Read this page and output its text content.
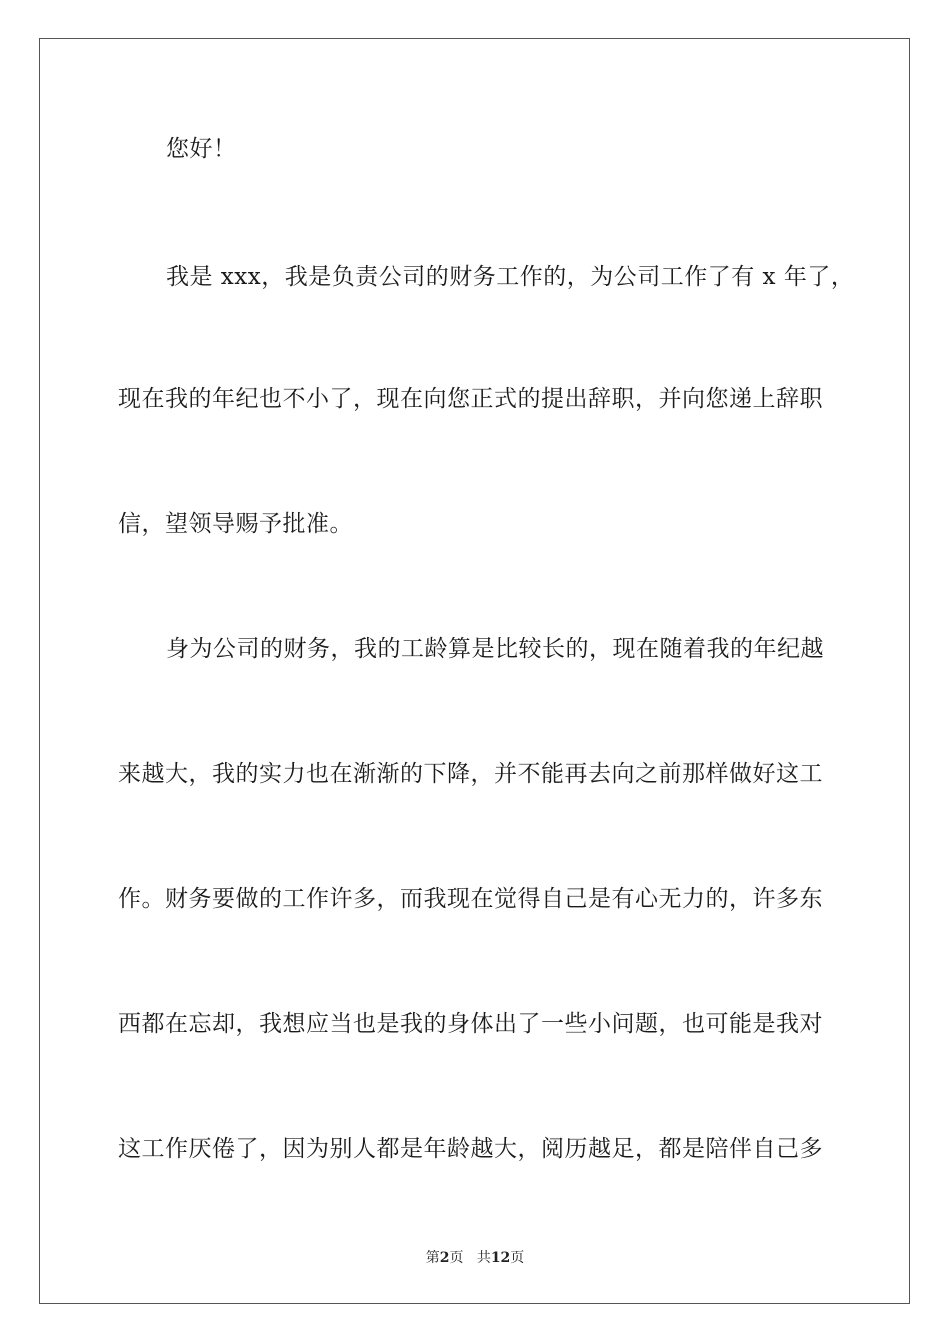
您好！
我是 xxx，我是负责公司的财务工作的，为公司工作了有 x 年了，
现在我的年纪也不小了，现在向您正式的提出辞职，并向您递上辞职
信，望领导赐予批准。
身为公司的财务，我的工龄算是比较长的，现在随着我的年纪越
来越大，我的实力也在渐渐的下降，并不能再去向之前那样做好这工
作。财务要做的工作许多，而我现在觉得自己是有心无力的，许多东
西都在忘却，我想应当也是我的身体出了一些小问题，也可能是我对
这工作厌倦了，因为别人都是年龄越大，阅历越足，都是陪伴自己多
第2页 共12页
